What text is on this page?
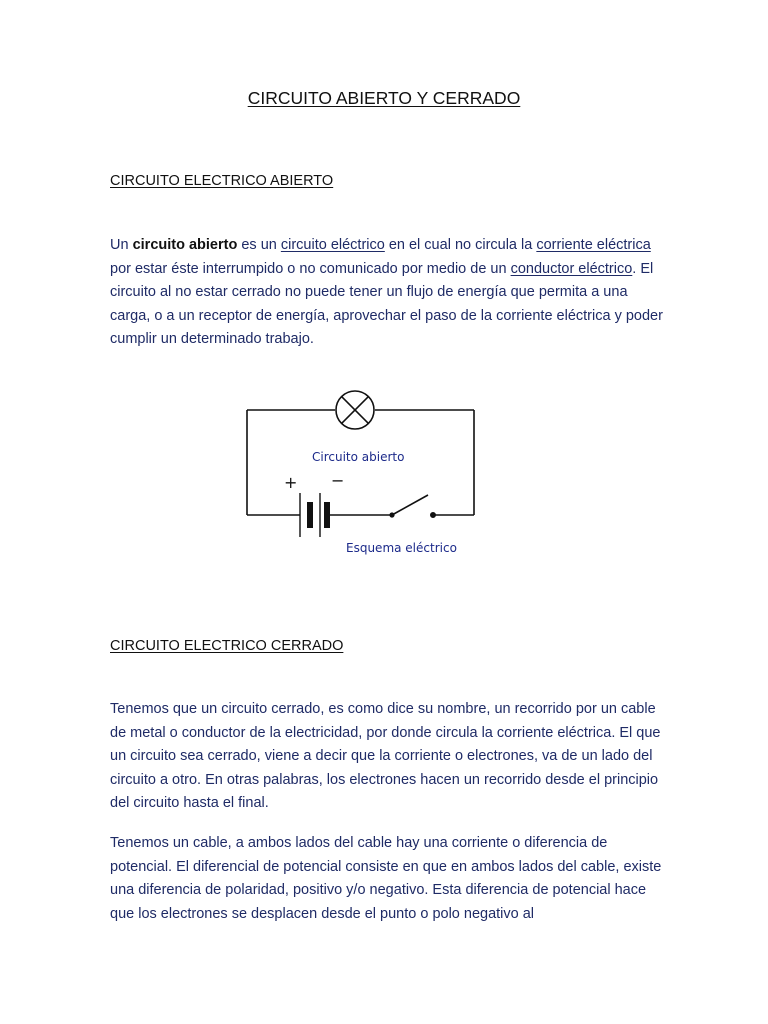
CIRCUITO ABIERTO Y CERRADO
CIRCUITO ELECTRICO ABIERTO

Un circuito abierto es un circuito eléctrico en el cual no circula la corriente eléctrica por estar éste interrumpido o no comunicado por medio de un conductor eléctrico. El circuito al no estar cerrado no puede tener un flujo de energía que permita a una carga, o a un receptor de energía, aprovechar el paso de la corriente eléctrica y poder cumplir un determinado trabajo.

Circuito abierto
+ −
Esquema eléctrico
CIRCUITO ELECTRICO CERRADO

Tenemos que un circuito cerrado, es como dice su nombre, un recorrido por un cable de metal o conductor de la electricidad, por donde circula la corriente eléctrica. El que un circuito sea cerrado, viene a decir que la corriente o electrones, va de un lado del circuito a otro. En otras palabras, los electrones hacen un recorrido desde el principio del circuito hasta el final.

Tenemos un cable, a ambos lados del cable hay una corriente o diferencia de potencial. El diferencial de potencial consiste en que en ambos lados del cable, existe una diferencia de polaridad, positivo y/o negativo. Esta diferencia de potencial hace que los electrones se desplacen desde el punto o polo negativo al
